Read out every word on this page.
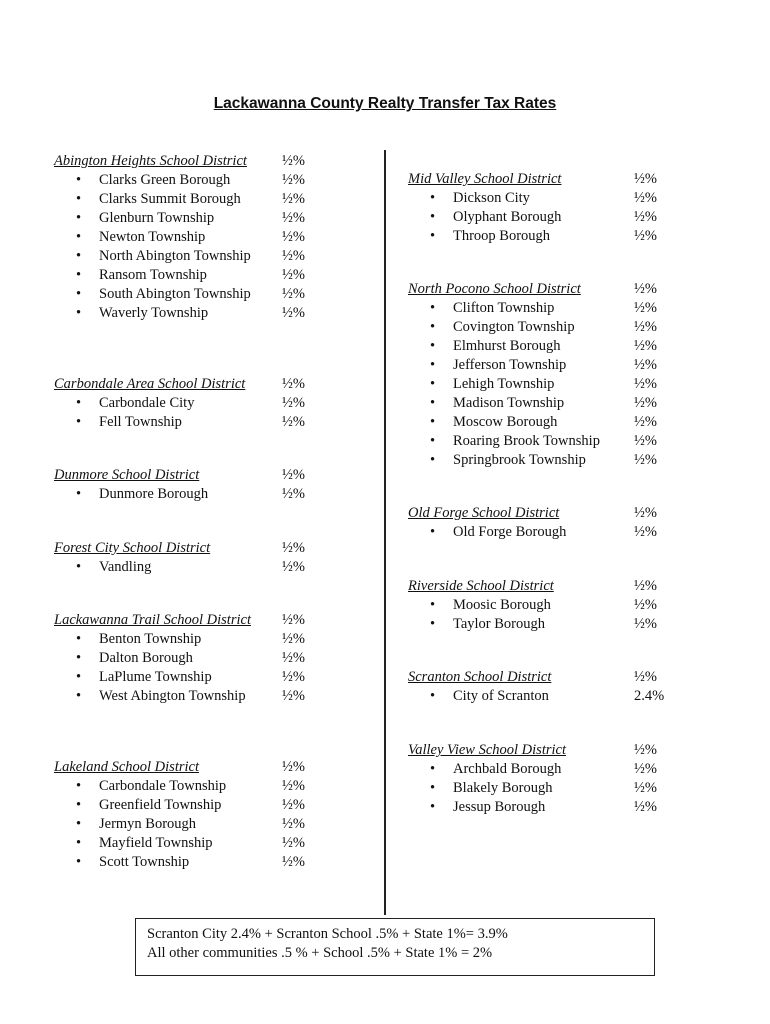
Lackawanna County Realty Transfer Tax Rates
Abington Heights School District ½%
• Clarks Green Borough	½%
• Clarks Summit Borough	½%
• Glenburn Township	½%
• Newton Township	½%
• North Abington Township ½%
• Ransom Township	½%
• South Abington Township ½%
• Waverly Township	½%
Carbondale Area School District	½%
• Carbondale City	½%
• Fell Township	½%
Dunmore School District	½%
• Dunmore Borough	½%
Forest City School District	½%
• Vandling	½%
Lackawanna Trail School District ½%
• Benton Township	½%
• Dalton Borough	½%
• LaPlume Township	½%
• West Abington Township	½%
Lakeland School District	½%
• Carbondale Township	½%
• Greenfield Township	½%
• Jermyn Borough	½%
• Mayfield Township	½%
• Scott Township	½%
Mid Valley School District	½%
• Dickson City	½%
• Olyphant Borough	½%
• Throop Borough	½%
North Pocono School District	½%
• Clifton Township	½%
• Covington Township	½%
• Elmhurst Borough	½%
• Jefferson Township	½%
• Lehigh Township	½%
• Madison Township	½%
• Moscow Borough	½%
• Roaring Brook Township ½%
• Springbrook Township	½%
Old Forge School District	½%
• Old Forge Borough	½%
Riverside School District	½%
• Moosic Borough	½%
• Taylor Borough	½%
Scranton School District	½%
• City of Scranton	2.4%
Valley View School District	½%
• Archbald Borough	½%
• Blakely Borough	½%
• Jessup Borough	½%
Scranton City 2.4% + Scranton School .5% + State 1%= 3.9%
All other communities .5 % + School .5% + State 1% = 2%
